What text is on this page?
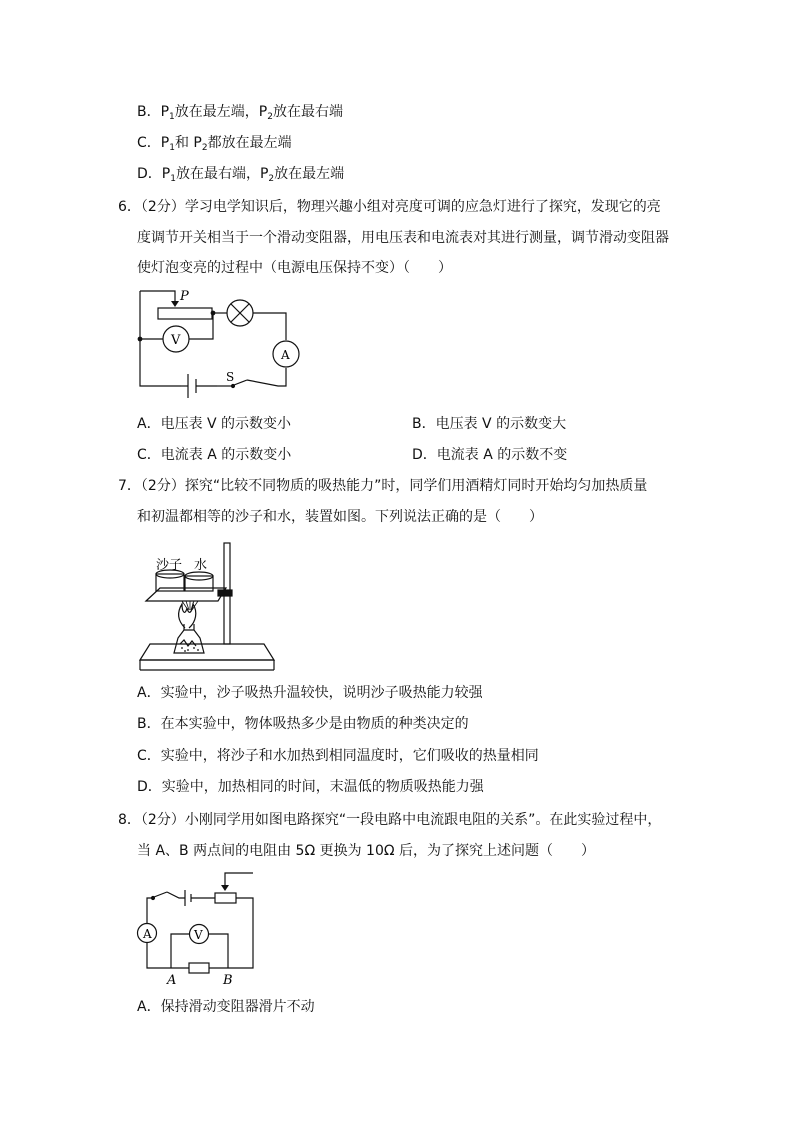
B．$P_1$放在最左端，$P_2$放在最右端
C．$P_1$和 $P_2$都放在最左端
D．$P_1$放在最右端，$P_2$放在最左端
6．（2分）学习电学知识后，物理兴趣小组对亮度可调的应急灯进行了探究，发现它的亮
度调节开关相当于一个滑动变阻器，用电压表和电流表对其进行测量，调节滑动变阻器
使灯泡变亮的过程中（电源电压保持不变）（　　）
P
V
A
S
A．电压表 V 的示数变小	B．电压表 V 的示数变大
C．电流表 A 的示数变小	D．电流表 A 的示数不变
7．（2分）探究“比较不同物质的吸热能力”时，同学们用酒精灯同时开始均匀加热质量
和初温都相等的沙子和水，装置如图。下列说法正确的是（　　）
沙子 水
A．实验中，沙子吸热升温较快，说明沙子吸热能力较强
B．在本实验中，物体吸热多少是由物质的种类决定的
C．实验中，将沙子和水加热到相同温度时，它们吸收的热量相同
D．实验中，加热相同的时间，末温低的物质吸热能力强
8．（2分）小刚同学用如图电路探究“一段电路中电流跟电阻的关系”。在此实验过程中，
当 A、B 两点间的电阻由 5Ω 更换为 10Ω 后，为了探究上述问题（　　）
A	V
A	B
A．保持滑动变阻器滑片不动
